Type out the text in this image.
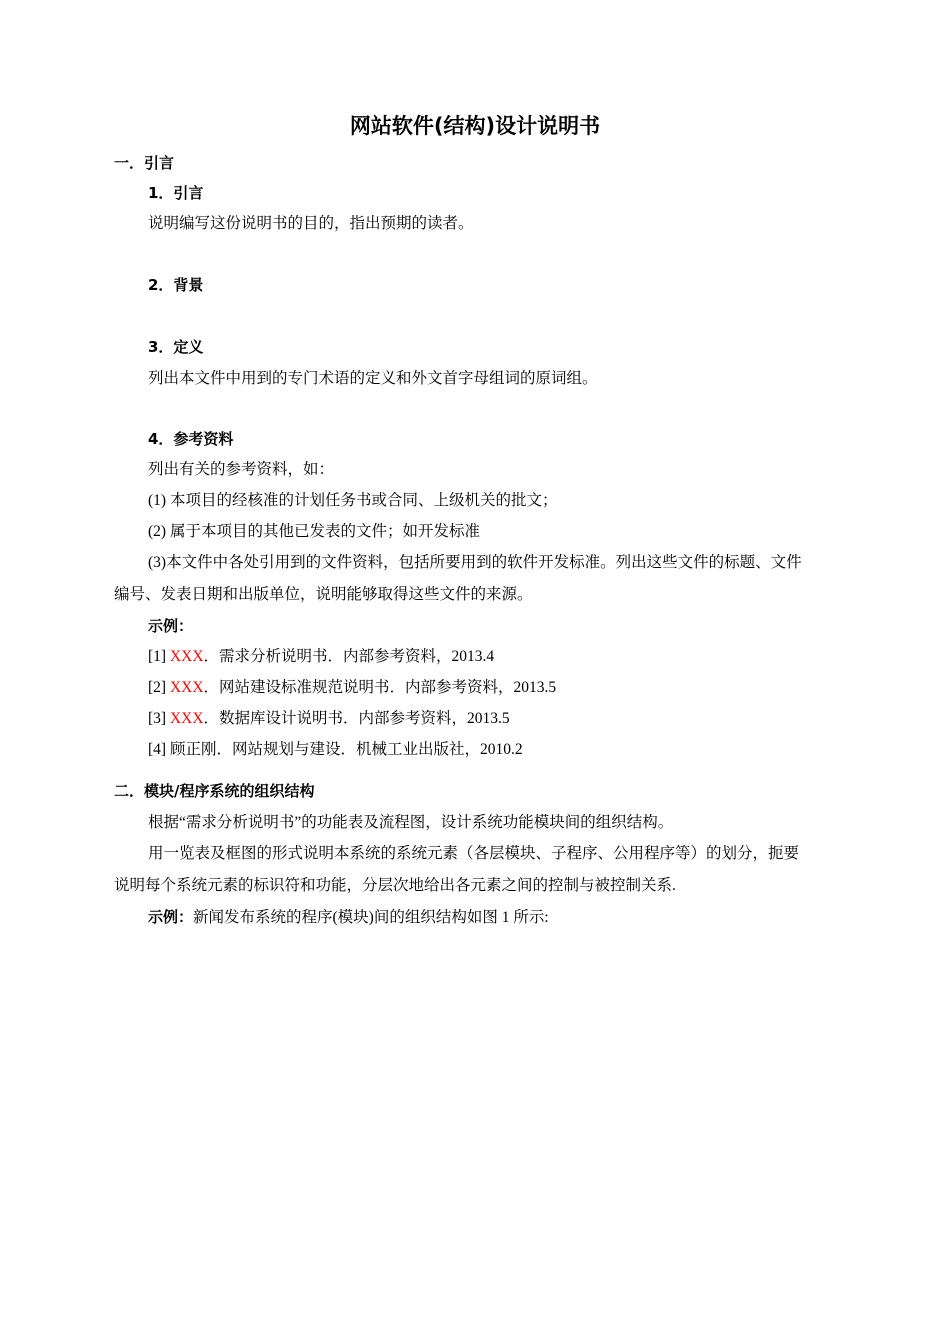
网站软件(结构)设计说明书
一．引言
1．引言
说明编写这份说明书的目的，指出预期的读者。
2．背景
3．定义
列出本文件中用到的专门术语的定义和外文首字母组词的原词组。
4．参考资料
列出有关的参考资料，如：
(1) 本项目的经核准的计划任务书或合同、上级机关的批文；
(2) 属于本项目的其他已发表的文件；如开发标准
(3)本文件中各处引用到的文件资料，包括所要用到的软件开发标准。列出这些文件的标题、文件
编号、发表日期和出版单位，说明能够取得这些文件的来源。
示例：
[1] XXX．需求分析说明书．内部参考资料，2013.4
[2] XXX．网站建设标准规范说明书．内部参考资料，2013.5
[3] XXX．数据库设计说明书．内部参考资料，2013.5
[4] 顾正刚．网站规划与建设．机械工业出版社，2010.2
二．模块/程序系统的组织结构
根据“需求分析说明书”的功能表及流程图，设计系统功能模块间的组织结构。
用一览表及框图的形式说明本系统的系统元素（各层模块、子程序、公用程序等）的划分，扼要
说明每个系统元素的标识符和功能，分层次地给出各元素之间的控制与被控制关系.
示例：新闻发布系统的程序(模块)间的组织结构如图 1 所示:
